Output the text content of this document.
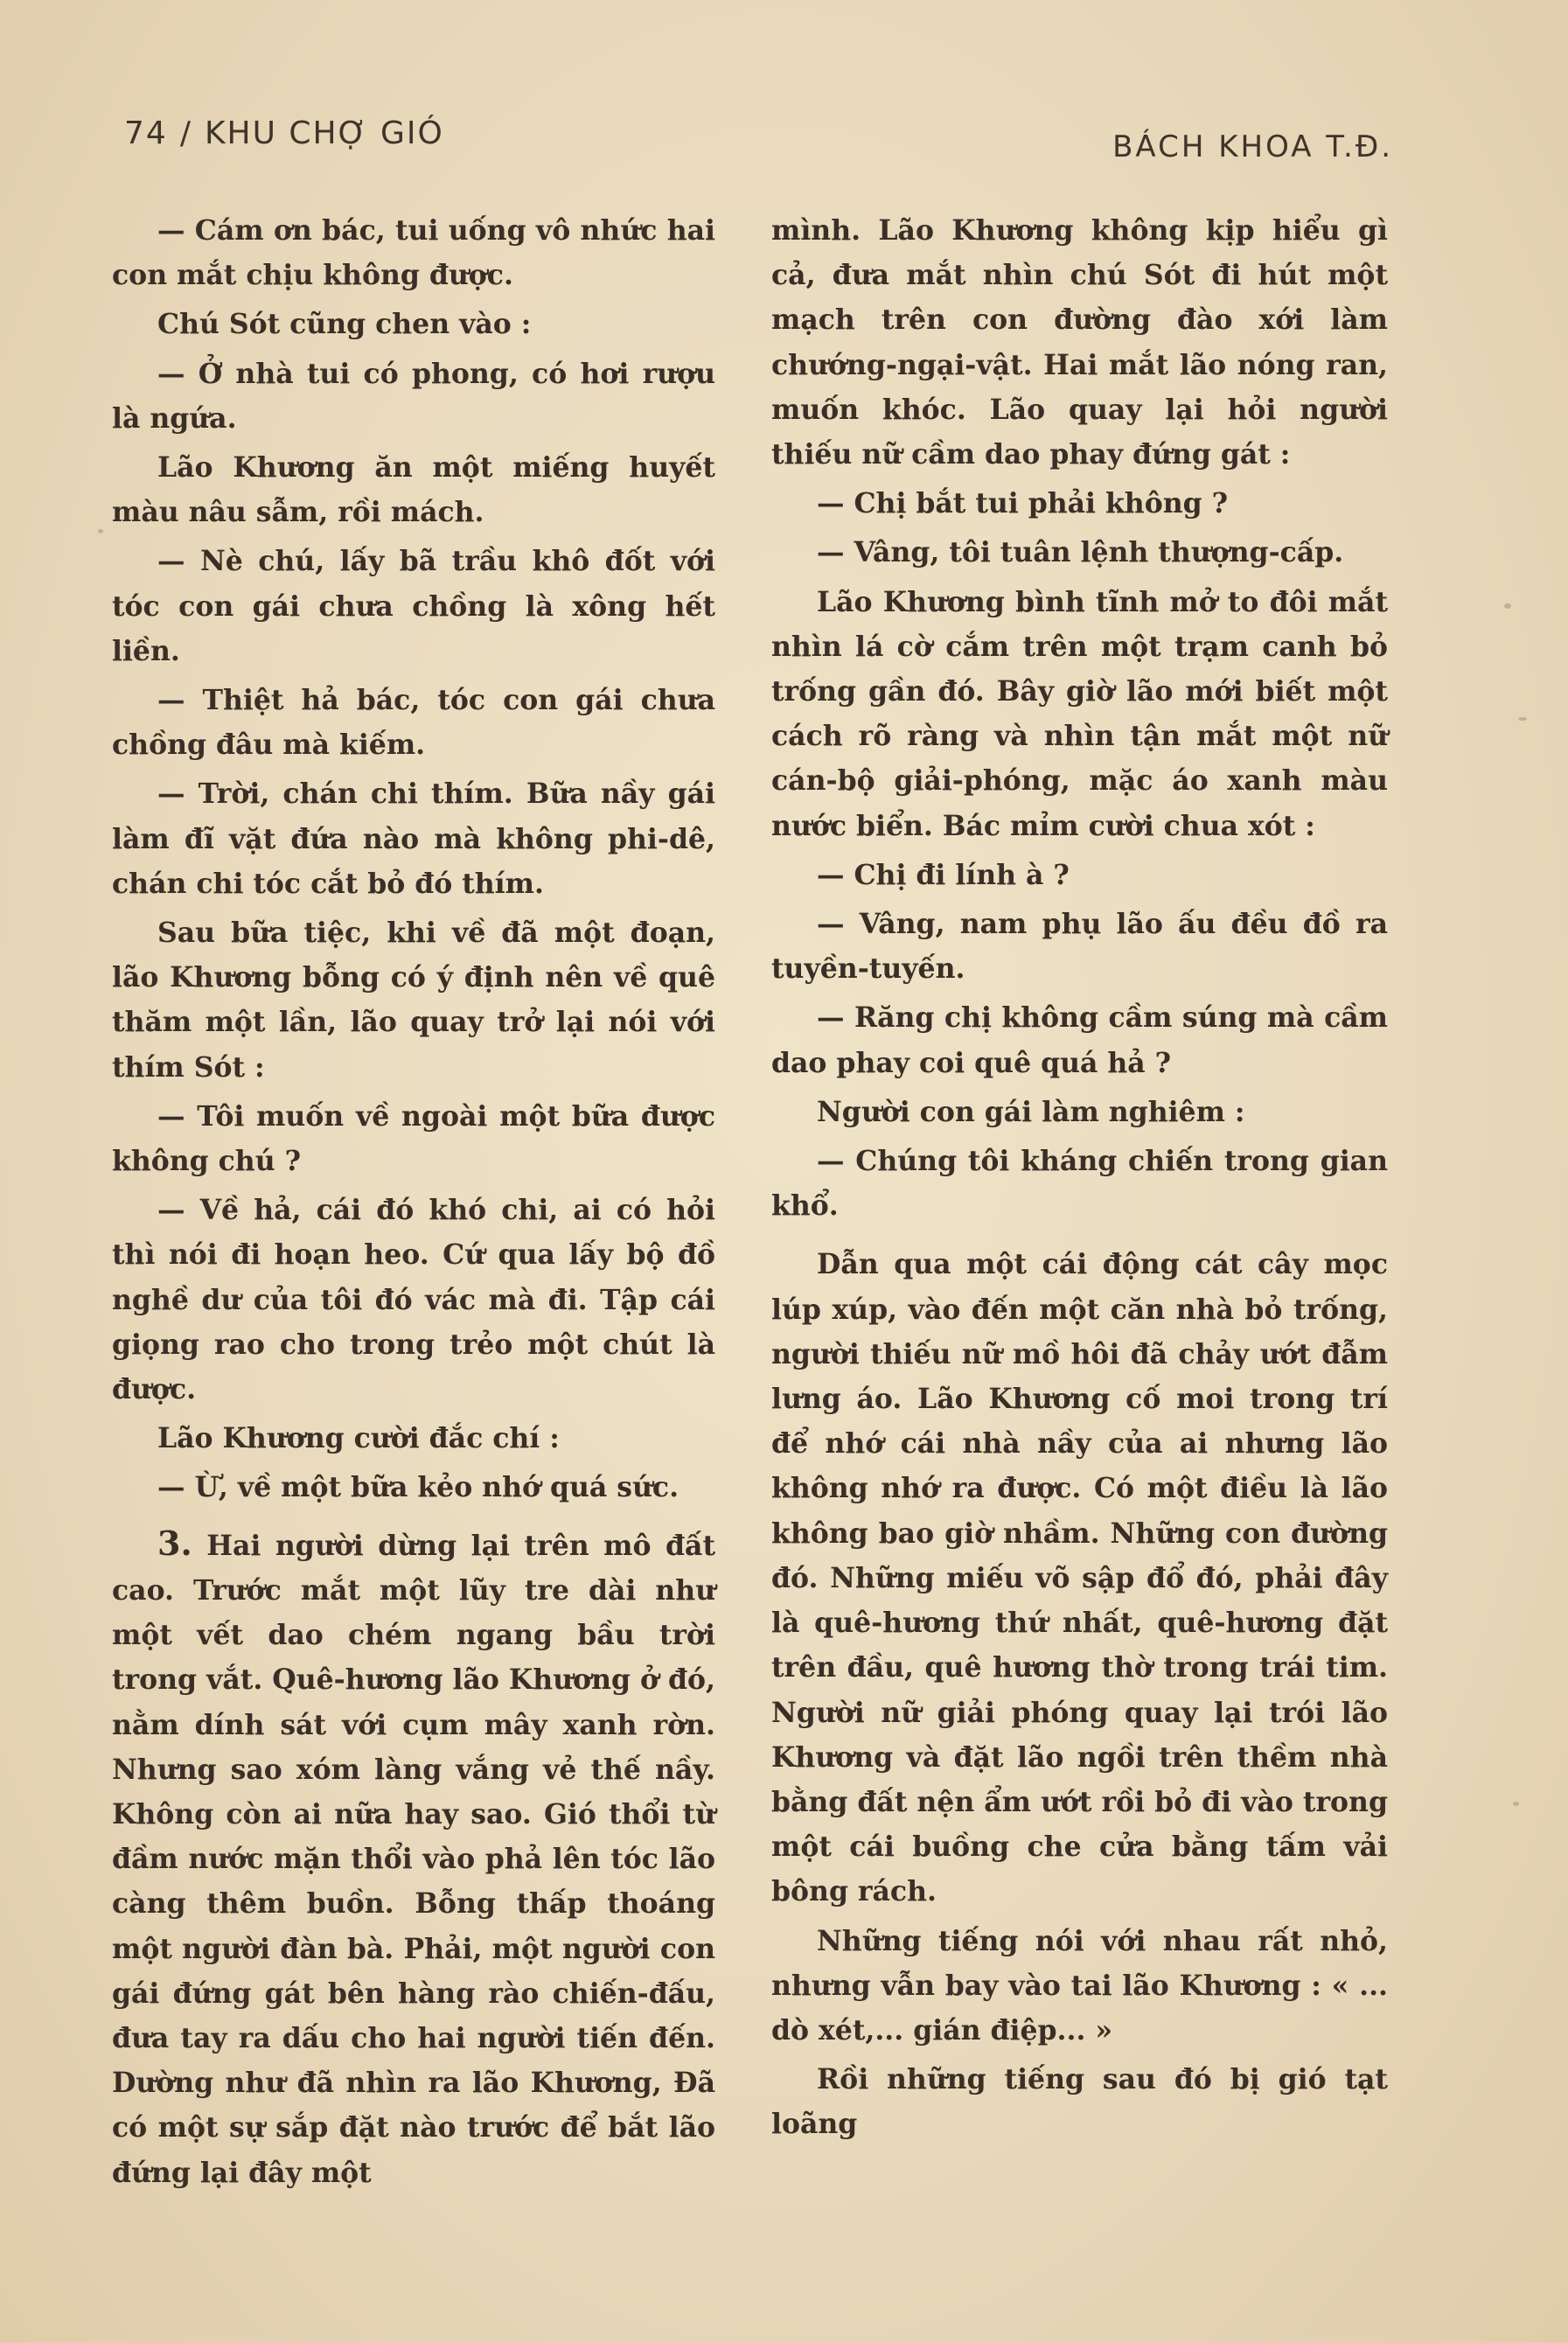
74 / KHU CHỢ GIÓ	BÁCH KHOA T.Đ.

— Cám ơn bác, tui uống vô nhức hai con mắt chịu không được.

Chú Sót cũng chen vào :

— Ở nhà tui có phong, có hơi rượu là ngứa.

Lão Khương ăn một miếng huyết màu nâu sẫm, rồi mách.

— Nè chú, lấy bã trầu khô đốt với tóc con gái chưa chồng là xông hết liền.

— Thiệt hả bác, tóc con gái chưa chồng đâu mà kiếm.

— Trời, chán chi thím. Bữa nầy gái làm đĩ vặt đứa nào mà không phi-dê, chán chi tóc cắt bỏ đó thím.

Sau bữa tiệc, khi về đã một đoạn, lão Khương bỗng có ý định nên về quê thăm một lần, lão quay trở lại nói với thím Sót :

— Tôi muốn về ngoài một bữa được không chú ?

— Về hả, cái đó khó chi, ai có hỏi thì nói đi hoạn heo. Cứ qua lấy bộ đồ nghề dư của tôi đó vác mà đi. Tập cái giọng rao cho trong trẻo một chút là được.

Lão Khương cười đắc chí :

— Ừ, về một bữa kẻo nhớ quá sức.

3. Hai người dừng lại trên mô đất cao. Trước mắt một lũy tre dài như một vết dao chém ngang bầu trời trong vắt. Quê-hương lão Khương ở đó, nằm dính sát với cụm mây xanh rờn. Nhưng sao xóm làng vắng vẻ thế nầy. Không còn ai nữa hay sao. Gió thổi từ đầm nước mặn thổi vào phả lên tóc lão càng thêm buồn. Bỗng thấp thoáng một người đàn bà. Phải, một người con gái đứng gát bên hàng rào chiến-đấu, đưa tay ra dấu cho hai người tiến đến. Dường như đã nhìn ra lão Khương, Đã có một sự sắp đặt nào trước để bắt lão đứng lại đây một

mình. Lão Khương không kịp hiểu gì cả, đưa mắt nhìn chú Sót đi hút một mạch trên con đường đào xới làm chướng-ngại-vật. Hai mắt lão nóng ran, muốn khóc. Lão quay lại hỏi người thiếu nữ cầm dao phay đứng gát :

— Chị bắt tui phải không ?

— Vâng, tôi tuân lệnh thượng-cấp.

Lão Khương bình tĩnh mở to đôi mắt nhìn lá cờ cắm trên một trạm canh bỏ trống gần đó. Bây giờ lão mới biết một cách rõ ràng và nhìn tận mắt một nữ cán-bộ giải-phóng, mặc áo xanh màu nước biển. Bác mỉm cười chua xót :

— Chị đi lính à ?

— Vâng, nam phụ lão ấu đều đồ ra tuyền-tuyến.

— Răng chị không cầm súng mà cầm dao phay coi quê quá hả ?

Người con gái làm nghiêm :

— Chúng tôi kháng chiến trong gian khổ.

Dẫn qua một cái động cát cây mọc lúp xúp, vào đến một căn nhà bỏ trống, người thiếu nữ mồ hôi đã chảy ướt đẫm lưng áo. Lão Khương cố moi trong trí để nhớ cái nhà nầy của ai nhưng lão không nhớ ra được. Có một điều là lão không bao giờ nhầm. Những con đường đó. Những miếu võ sập đổ đó, phải đây là quê-hương thứ nhất, quê-hương đặt trên đầu, quê hương thờ trong trái tim. Người nữ giải phóng quay lại trói lão Khương và đặt lão ngồi trên thềm nhà bằng đất nện ẩm ướt rồi bỏ đi vào trong một cái buồng che cửa bằng tấm vải bông rách.

Những tiếng nói với nhau rất nhỏ, nhưng vẫn bay vào tai lão Khương : « ... dò xét,... gián điệp... »

Rồi những tiếng sau đó bị gió tạt loãng
